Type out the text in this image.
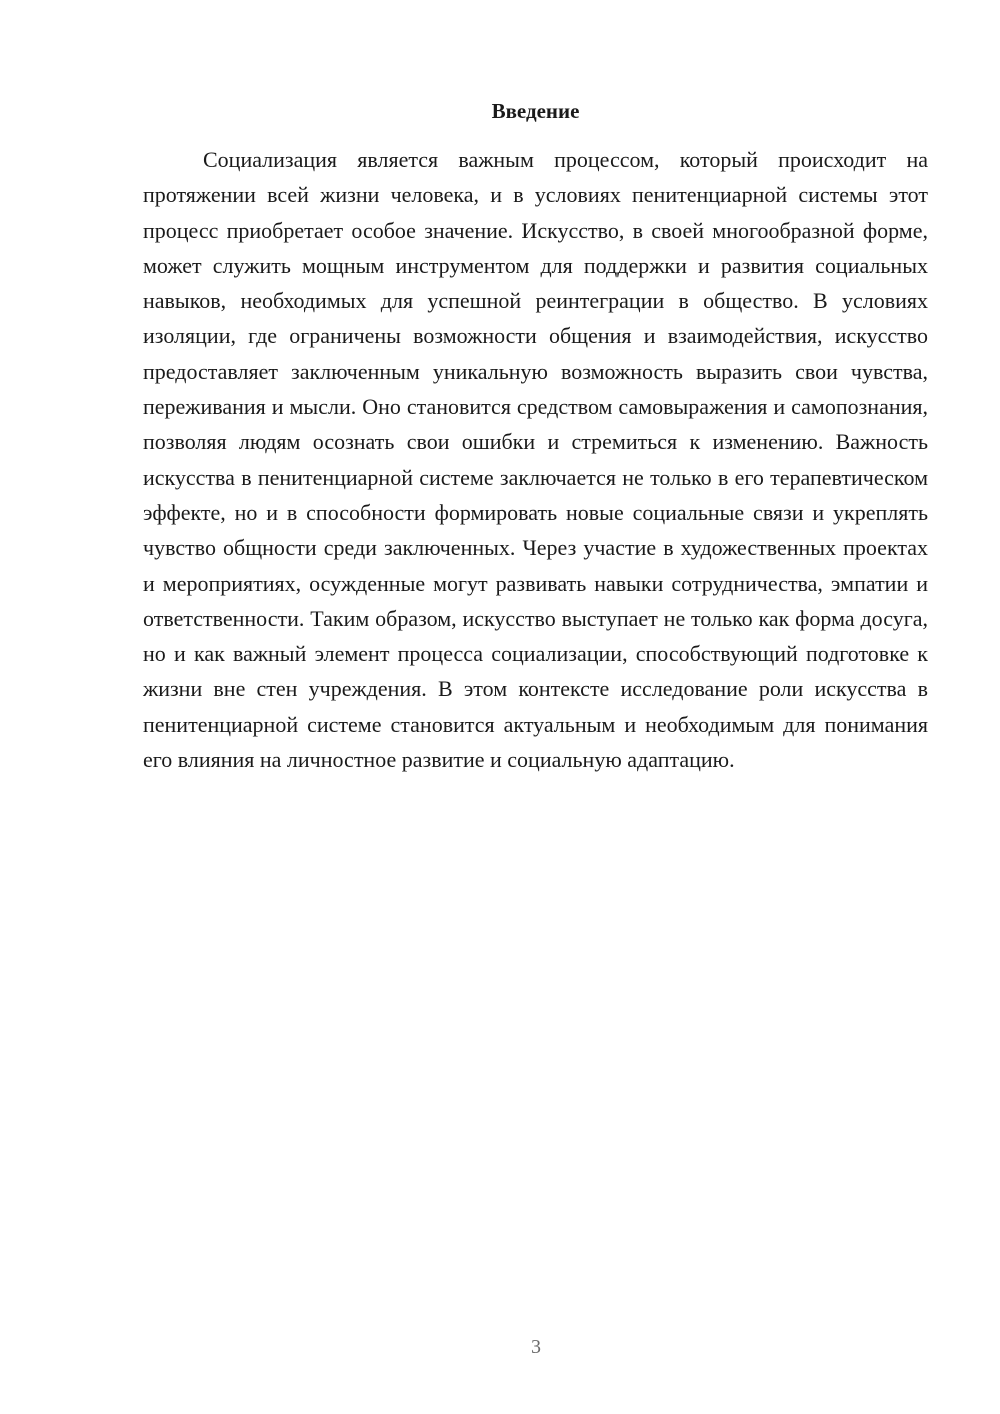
Введение

Социализация является важным процессом, который происходит на протяжении всей жизни человека, и в условиях пенитенциарной системы этот процесс приобретает особое значение. Искусство, в своей многообразной форме, может служить мощным инструментом для поддержки и развития социальных навыков, необходимых для успешной реинтеграции в общество. В условиях изоляции, где ограничены возможности общения и взаимодействия, искусство предоставляет заключенным уникальную возможность выразить свои чувства, переживания и мысли. Оно становится средством самовыражения и самопознания, позволяя людям осознать свои ошибки и стремиться к изменению. Важность искусства в пенитенциарной системе заключается не только в его терапевтическом эффекте, но и в способности формировать новые социальные связи и укреплять чувство общности среди заключенных. Через участие в художественных проектах и мероприятиях, осужденные могут развивать навыки сотрудничества, эмпатии и ответственности. Таким образом, искусство выступает не только как форма досуга, но и как важный элемент процесса социализации, способствующий подготовке к жизни вне стен учреждения. В этом контексте исследование роли искусства в пенитенциарной системе становится актуальным и необходимым для понимания его влияния на личностное развитие и социальную адаптацию.

3
